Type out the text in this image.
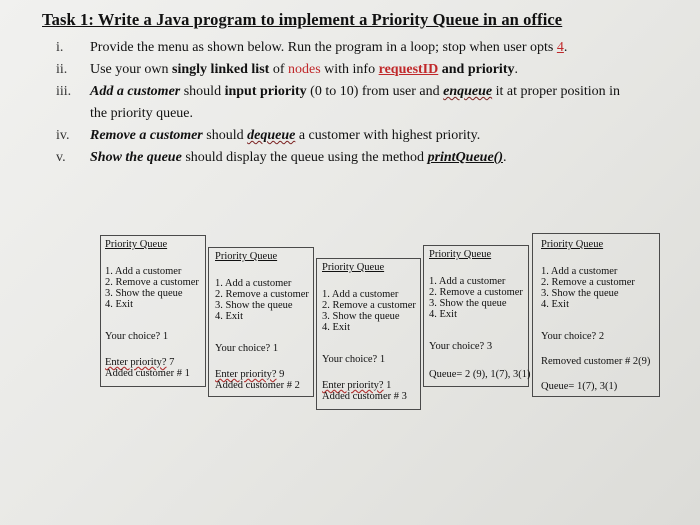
Task 1: Write a Java program to implement a Priority Queue in an office
i.	Provide the menu as shown below. Run the program in a loop; stop when user opts 4.
ii.	Use your own singly linked list of nodes with info requestID and priority.
iii.	Add a customer should input priority (0 to 10) from user and enqueue it at proper position in
the priority queue.
iv.	Remove a customer should dequeue a customer with highest priority.
v.	Show the queue should display the queue using the method printQueue().
Priority Queue
1. Add a customer
2. Remove a customer
3. Show the queue
4. Exit
Your choice? 1
Enter priority? 7
Added customer # 1
Priority Queue
1. Add a customer
2. Remove a customer
3. Show the queue
4. Exit
Your choice? 1
Enter priority? 9
Added customer # 2
Priority Queue
1. Add a customer
2. Remove a customer
3. Show the queue
4. Exit
Your choice? 1
Enter priority? 1
Added customer # 3
Priority Queue
1. Add a customer
2. Remove a customer
3. Show the queue
4. Exit
Your choice? 3
Queue= 2 (9), 1(7), 3(1)
Priority Queue
1. Add a customer
2. Remove a customer
3. Show the queue
4. Exit
Your choice? 2
Removed customer # 2(9)
Queue= 1(7), 3(1)
